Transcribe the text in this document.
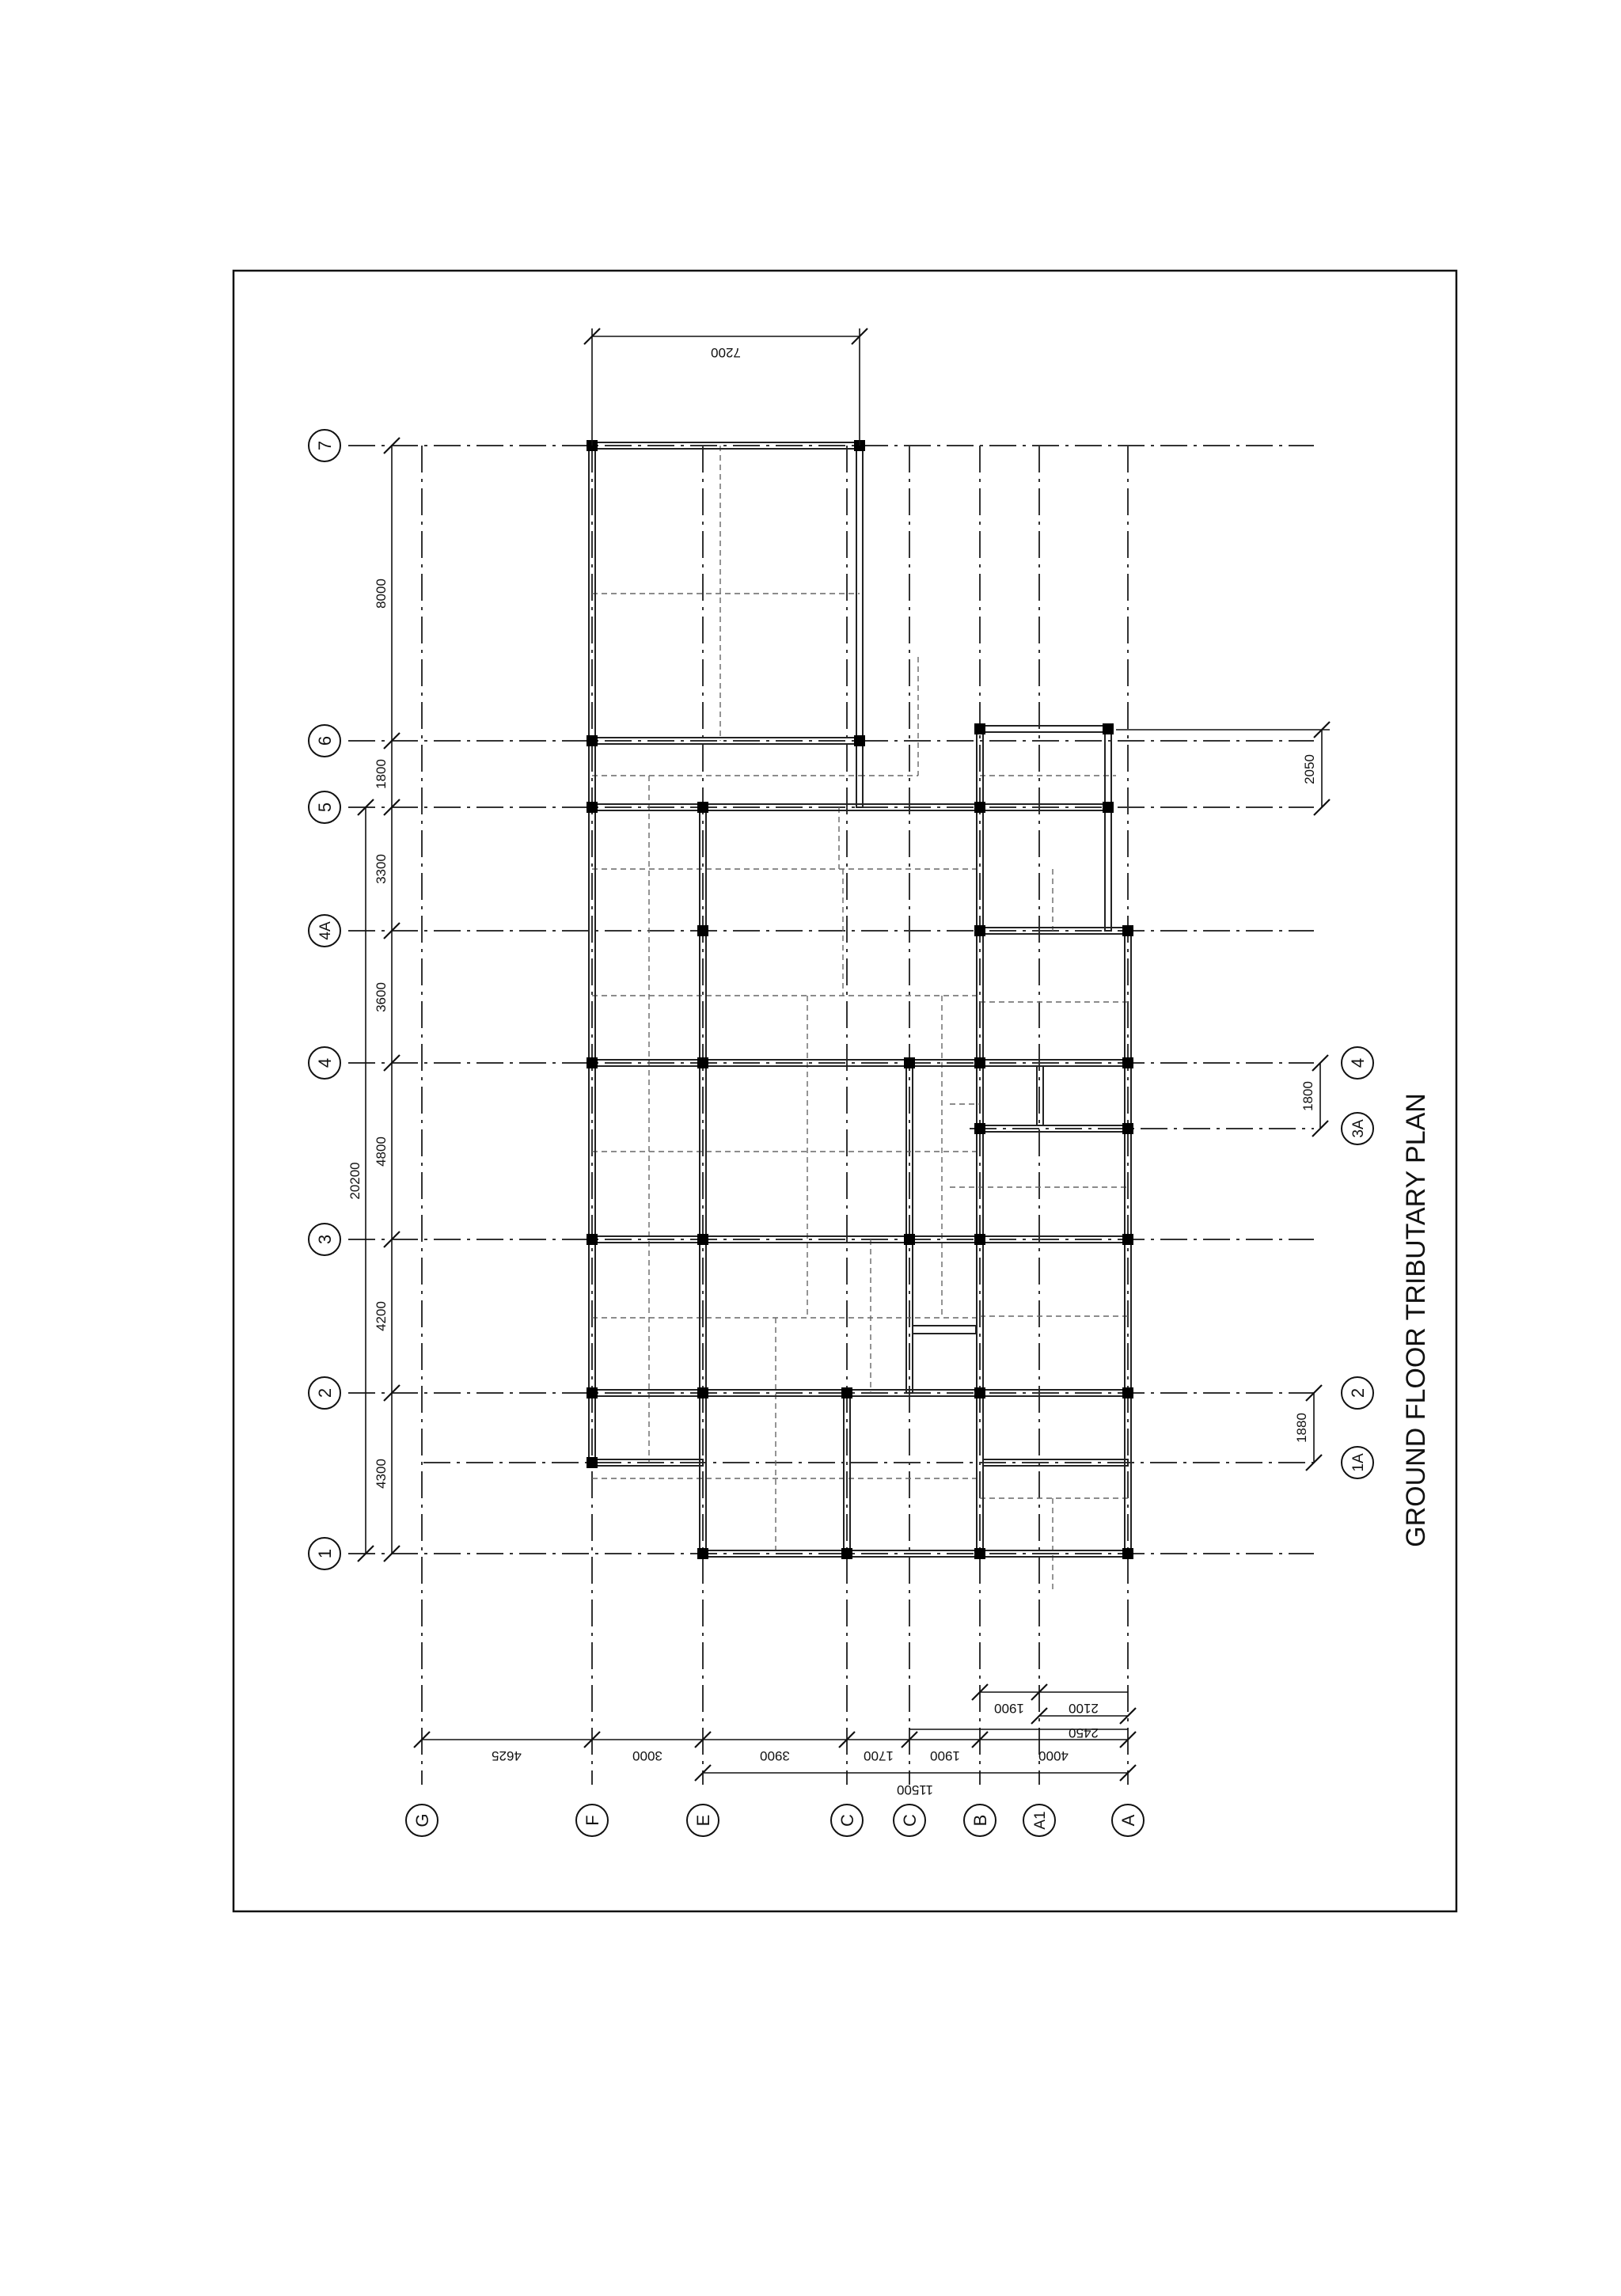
4300
4200
4800
3600
3300
1800
8000
20200
1
2
3
4
4A
5
6
7
4625	3000	3900	1700	1900	4000
11500
1900	2100
2450
G	F	E	C C	B	A1	A
7200
1880
1800
2050
2
1A
4
3A GROUND FLOOR TRIBUTARY PLAN
